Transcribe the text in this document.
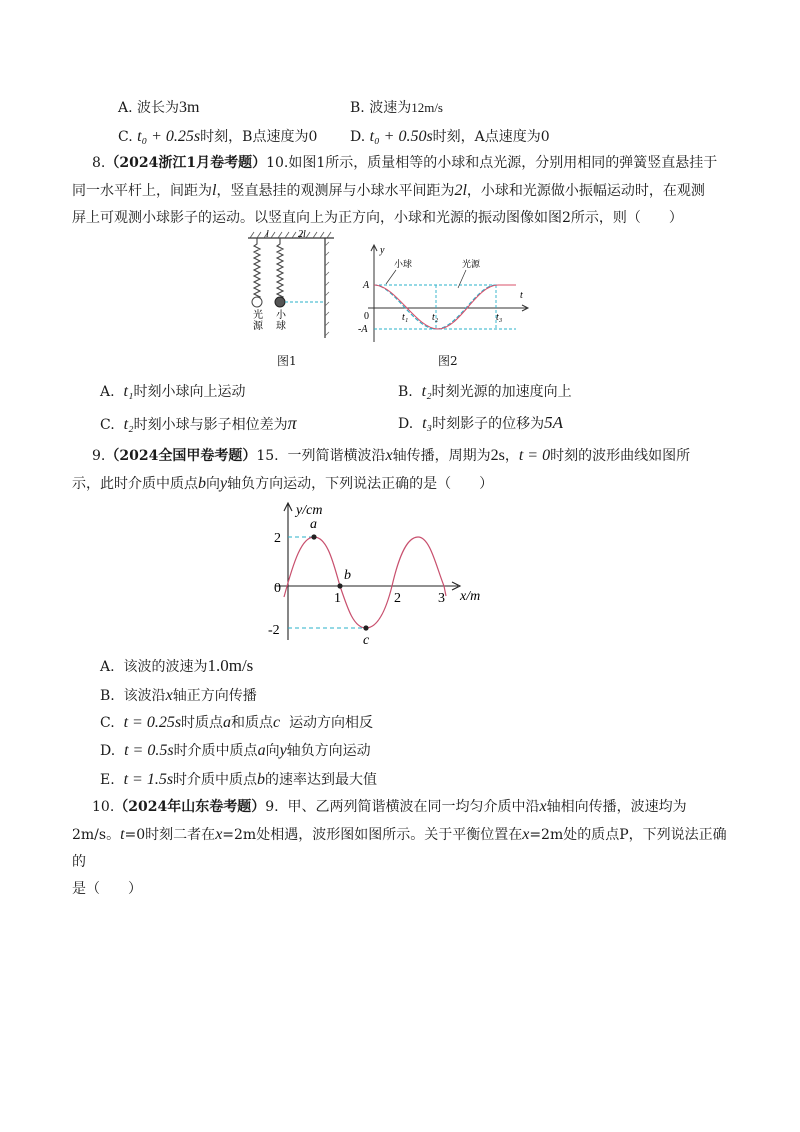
A. 波长为3m	B. 波速为12m/s
C. t₀ + 0.25s时刻，B点速度为0 D. t₀ + 0.50s时刻，A点速度为0
8.（2024浙江1月卷考题）10.如图1所示，质量相等的小球和点光源，分别用相同的弹簧竖直悬挂于
同一水平杆上，间距为l，竖直悬挂的观测屏与小球水平间距为2l，小球和光源做小振幅运动时，在观测
屏上可观测小球影子的运动。以竖直向上为正方向，小球和光源的振动图像如图2所示，则（　　）
l	2l
光源
小球
图1
y
t
A
-A
0	t₁ t₂	t₃
小球	光源
图2
A. t₁时刻小球向上运动	B. t₂时刻光源的加速度向上
C. t₂时刻小球与影子相位差为π	D. t₃时刻影子的位移为5A
9.（2024全国甲卷考题）15. 一列简谐横波沿x轴传播，周期为2s，t = 0时刻的波形曲线如图所
示，此时介质中质点b向y轴负方向运动，下列说法正确的是（　　）
y/cm
x/m
a
b
c
2
0
-2
1	2	3
A. 该波的波速为1.0m/s
B. 该波沿x轴正方向传播
C. t = 0.25s时质点a和质点c 运动方向相反
D. t = 0.5s时介质中质点a向y轴负方向运动
E. t = 1.5s时介质中质点b的速率达到最大值
10.（2024年山东卷考题）9. 甲、乙两列简谐横波在同一均匀介质中沿x轴相向传播，波速均为
2m/s。t=0时刻二者在x=2m处相遇，波形图如图所示。关于平衡位置在x=2m处的质点P，下列说法正确的
是（　　）
